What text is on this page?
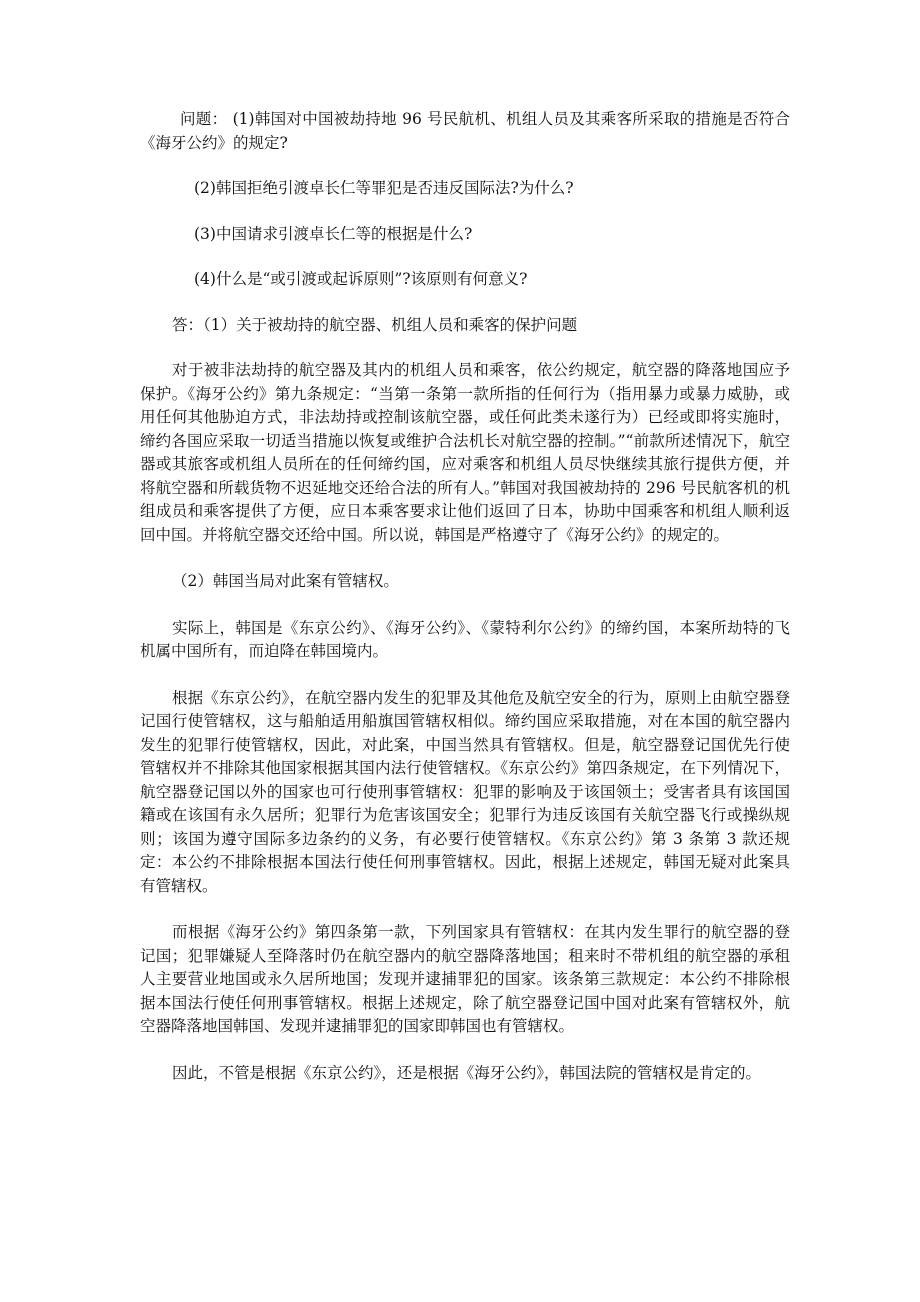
问题： (1)韩国对中国被劫持地 96 号民航机、机组人员及其乘客所采取的措施是否符合《海牙公约》的规定?

(2)韩国拒绝引渡卓长仁等罪犯是否违反国际法?为什么?

(3)中国请求引渡卓长仁等的根据是什么?

(4)什么是“或引渡或起诉原则”?该原则有何意义?

答：（1）关于被劫持的航空器、机组人员和乘客的保护问题

对于被非法劫持的航空器及其内的机组人员和乘客，依公约规定，航空器的降落地国应予保护。《海牙公约》第九条规定：“当第一条第一款所指的任何行为（指用暴力或暴力威胁，或用任何其他胁迫方式，非法劫持或控制该航空器，或任何此类未遂行为）已经或即将实施时，缔约各国应采取一切适当措施以恢复或维护合法机长对航空器的控制。”“前款所述情况下，航空器或其旅客或机组人员所在的任何缔约国，应对乘客和机组人员尽快继续其旅行提供方便，并将航空器和所载货物不迟延地交还给合法的所有人。”韩国对我国被劫持的 296 号民航客机的机组成员和乘客提供了方便，应日本乘客要求让他们返回了日本，协助中国乘客和机组人顺利返回中国。并将航空器交还给中国。所以说，韩国是严格遵守了《海牙公约》的规定的。

（2）韩国当局对此案有管辖权。

实际上，韩国是《东京公约》、《海牙公约》、《蒙特利尔公约》的缔约国，本案所劫特的飞机属中国所有，而迫降在韩国境内。

根据《东京公约》，在航空器内发生的犯罪及其他危及航空安全的行为，原则上由航空器登记国行使管辖权，这与船舶适用船旗国管辖权相似。缔约国应采取措施，对在本国的航空器内发生的犯罪行使管辖权，因此，对此案，中国当然具有管辖权。但是，航空器登记国优先行使管辖权并不排除其他国家根据其国内法行使管辖权。《东京公约》第四条规定，在下列情况下，航空器登记国以外的国家也可行使刑事管辖权：犯罪的影响及于该国领土；受害者具有该国国籍或在该国有永久居所；犯罪行为危害该国安全；犯罪行为违反该国有关航空器飞行或操纵规则；该国为遵守国际多边条约的义务，有必要行使管辖权。《东京公约》第 3 条第 3 款还规定：本公约不排除根据本国法行使任何刑事管辖权。因此，根据上述规定，韩国无疑对此案具有管辖权。

而根据《海牙公约》第四条第一款，下列国家具有管辖权：在其内发生罪行的航空器的登记国；犯罪嫌疑人至降落时仍在航空器内的航空器降落地国；租来时不带机组的航空器的承租人主要营业地国或永久居所地国；发现并逮捕罪犯的国家。该条第三款规定：本公约不排除根据本国法行使任何刑事管辖权。根据上述规定，除了航空器登记国中国对此案有管辖权外，航空器降落地国韩国、发现并逮捕罪犯的国家即韩国也有管辖权。

因此，不管是根据《东京公约》，还是根据《海牙公约》，韩国法院的管辖权是肯定的。
